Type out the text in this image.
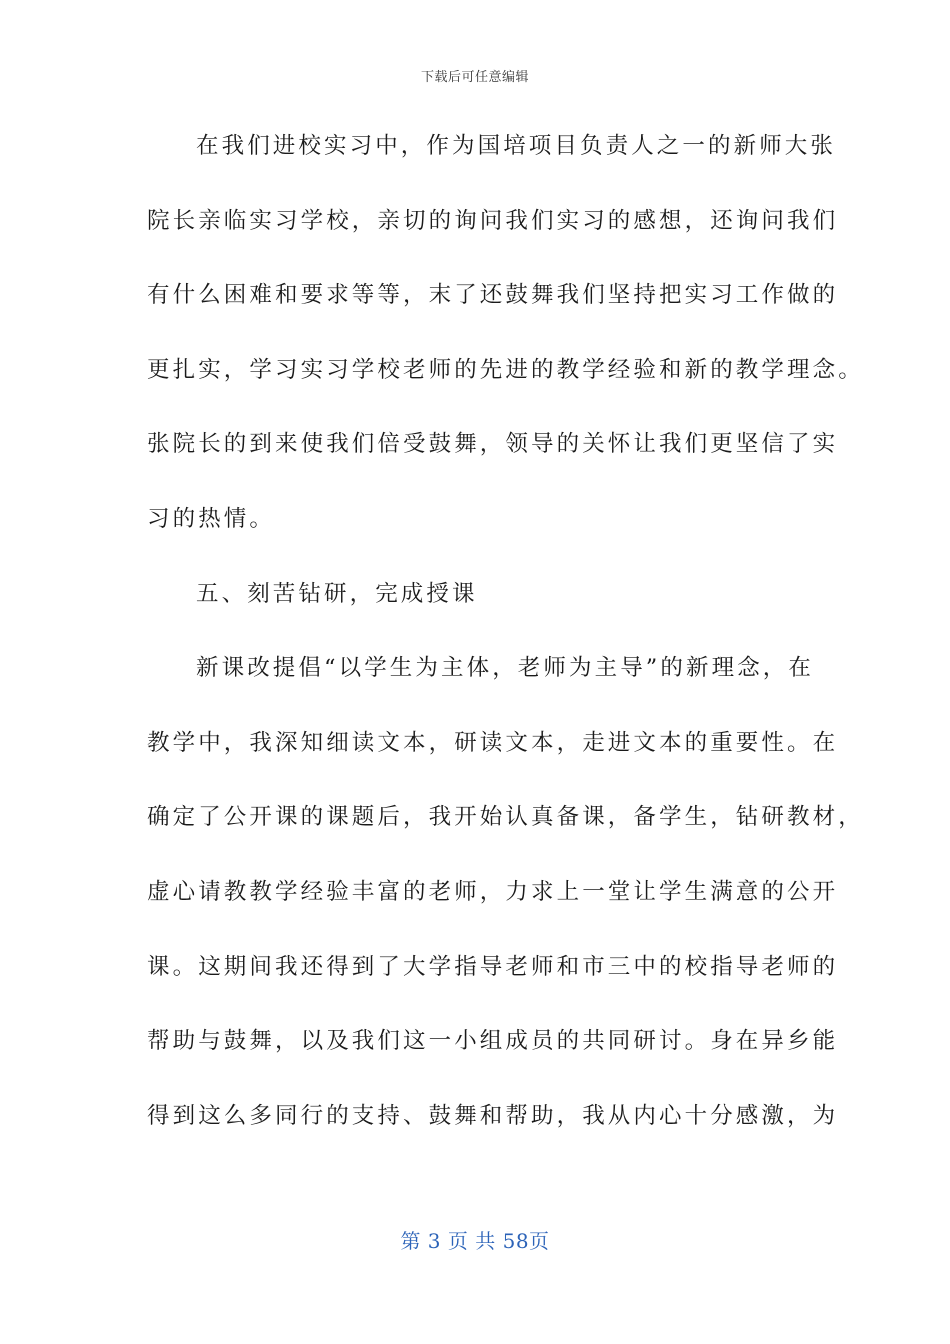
下载后可任意编辑
在我们进校实习中，作为国培项目负责人之一的新师大张
院长亲临实习学校，亲切的询问我们实习的感想，还询问我们
有什么困难和要求等等，末了还鼓舞我们坚持把实习工作做的
更扎实，学习实习学校老师的先进的教学经验和新的教学理念。
张院长的到来使我们倍受鼓舞，领导的关怀让我们更坚信了实
习的热情。
五、刻苦钻研，完成授课
新课改提倡“以学生为主体，老师为主导”的新理念，在
教学中，我深知细读文本，研读文本，走进文本的重要性。在
确定了公开课的课题后，我开始认真备课，备学生，钻研教材，
虚心请教教学经验丰富的老师，力求上一堂让学生满意的公开
课。这期间我还得到了大学指导老师和市三中的校指导老师的
帮助与鼓舞，以及我们这一小组成员的共同研讨。身在异乡能
得到这么多同行的支持、鼓舞和帮助，我从内心十分感激，为
第 3 页 共 58页
